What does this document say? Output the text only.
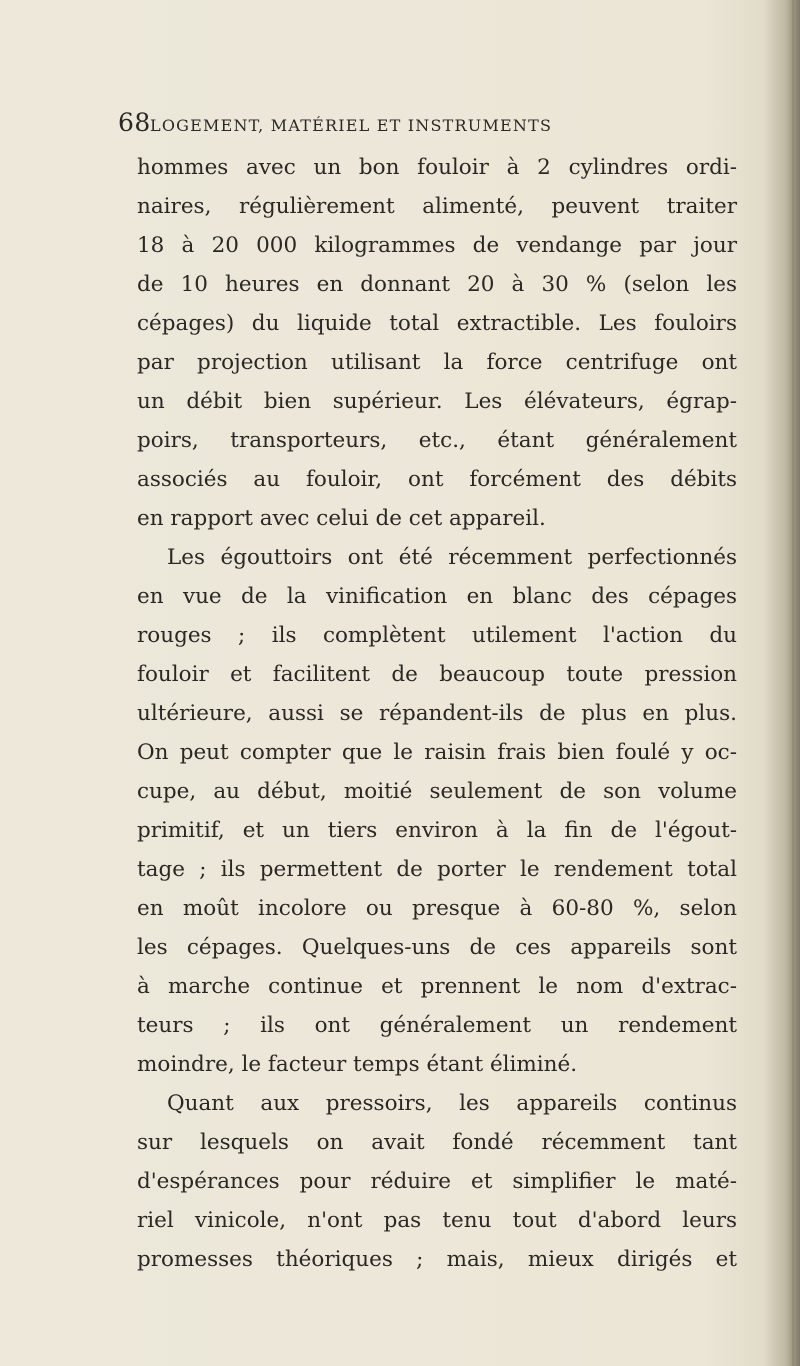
68 LOGEMENT, MATÉRIEL ET INSTRUMENTS
hommes avec un bon fouloir à 2 cylindres ordi-
naires, régulièrement alimenté, peuvent traiter
18 à 20 000 kilogrammes de vendange par jour
de 10 heures en donnant 20 à 30 % (selon les
cépages) du liquide total extractible. Les fouloirs
par projection utilisant la force centrifuge ont
un débit bien supérieur. Les élévateurs, égrap-
poirs, transporteurs, etc., étant généralement
associés au fouloir, ont forcément des débits
en rapport avec celui de cet appareil.
Les égouttoirs ont été récemment perfectionnés
en vue de la vinification en blanc des cépages
rouges ; ils complètent utilement l'action du
fouloir et facilitent de beaucoup toute pression
ultérieure, aussi se répandent-ils de plus en plus.
On peut compter que le raisin frais bien foulé y oc-
cupe, au début, moitié seulement de son volume
primitif, et un tiers environ à la fin de l'égout-
tage ; ils permettent de porter le rendement total
en moût incolore ou presque à 60-80 %, selon
les cépages. Quelques-uns de ces appareils sont
à marche continue et prennent le nom d'extrac-
teurs ; ils ont généralement un rendement
moindre, le facteur temps étant éliminé.
Quant aux pressoirs, les appareils continus
sur lesquels on avait fondé récemment tant
d'espérances pour réduire et simplifier le maté-
riel vinicole, n'ont pas tenu tout d'abord leurs
promesses théoriques ; mais, mieux dirigés et
